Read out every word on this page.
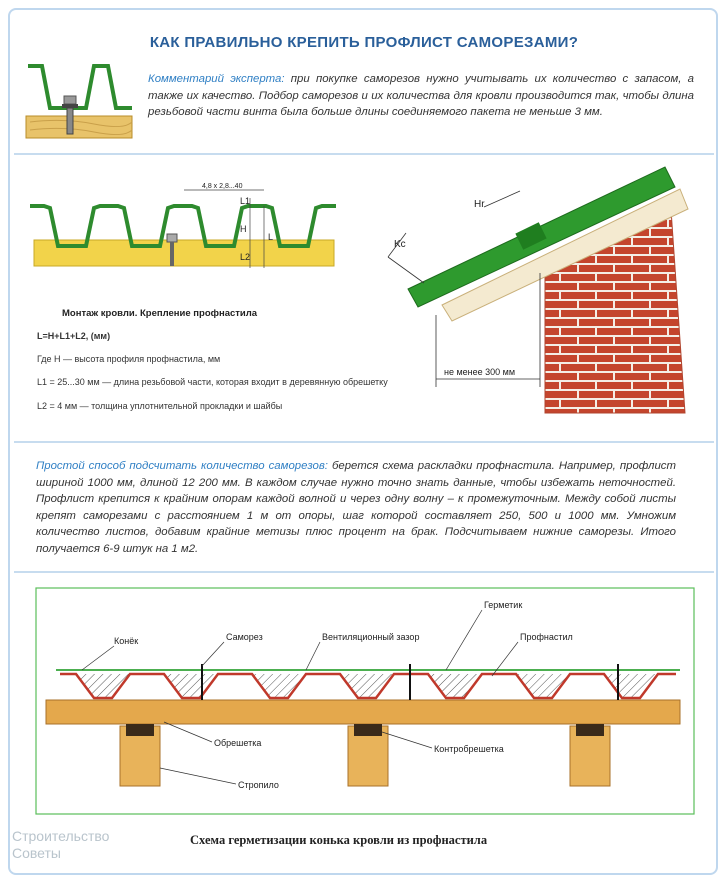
КАК ПРАВИЛЬНО КРЕПИТЬ ПРОФЛИСТ САМОРЕЗАМИ?
Комментарий эксперта: при покупке саморезов нужно учитывать их количество с запасом, а также их качество. Подбор саморезов и их количества для кровли производится так, чтобы длина резьбовой части винта была больше длины соединяемого пакета не меньше 3 мм.
4,8 x 2,8...40
L1
H
L
L2
Монтаж кровли. Крепление профнастила
L=H+L1+L2, (мм)
Где H — высота профиля профнастила, мм
L1 = 25...30 мм — длина резьбовой части, которая входит в деревянную обрешетку
L2 = 4 мм — толщина уплотнительной прокладки и шайбы
не менее 300 мм
Kc
Hr
Простой способ подсчитать количество саморезов: берется схема раскладки профнастила. Например, профлист шириной 1000 мм, длиной 12 200 мм. В каждом случае нужно точно знать данные, чтобы избежать неточностей. Профлист крепится к крайним опорам каждой волной и через одну волну – к промежуточным. Между собой листы крепят саморезами с расстоянием 1 м от опоры, шаг которой составляет 250, 500 и 1000 мм. Умножим количество листов, добавим крайние метизы плюс процент на брак. Подсчитываем нижние саморезы. Итого получается 6-9 штук на 1 м2.
Герметик
Конёк	Саморез	Вентиляционный зазор	Профнастил
Обрешетка
Контробрешетка
Стропило
Строительство
Советы
Схема герметизации конька кровли из профнастила
